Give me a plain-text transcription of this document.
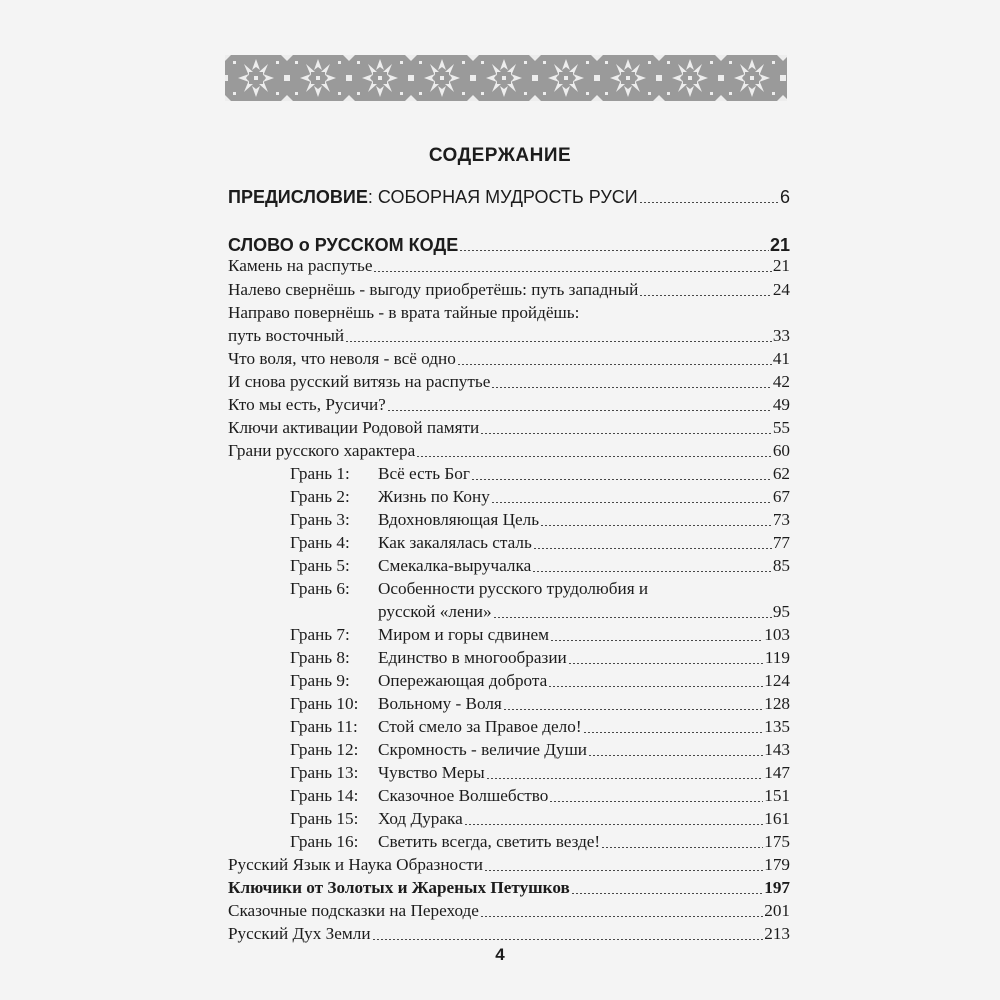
СОДЕРЖАНИЕ
ПРЕДИСЛОВИЕ: СОБОРНАЯ МУДРОСТЬ РУСИ	6
СЛОВО о РУССКОМ КОДЕ	21
Камень на распутье	21
Налево свернёшь - выгоду приобретёшь: путь западный	24
Направо повернёшь - в врата тайные пройдёшь:
путь восточный	33
Что воля, что неволя - всё одно	41
И снова русский витязь на распутье	42
Кто мы есть, Русичи?	49
Ключи активации Родовой памяти	55
Грани русского характера	60
Грань 1: Всё есть Бог	62
Грань 2: Жизнь по Кону	67
Грань 3: Вдохновляющая Цель	73
Грань 4: Как закалялась сталь	77
Грань 5: Смекалка-выручалка	85
Грань 6: Особенности русского трудолюбия и
русской «лени»	95
Грань 7: Миром и горы сдвинем	103
Грань 8: Единство в многообразии	119
Грань 9: Опережающая доброта	124
Грань 10: Вольному - Воля	128
Грань 11: Стой смело за Правое дело!	135
Грань 12: Скромность - величие Души	143
Грань 13: Чувство Меры	147
Грань 14: Сказочное Волшебство	151
Грань 15: Ход Дурака	161
Грань 16: Светить всегда, светить везде!	175
Русский Язык и Наука Образности	179
Ключики от Золотых и Жареных Петушков	197
Сказочные подсказки на Переходе	201
Русский Дух Земли	213
4
